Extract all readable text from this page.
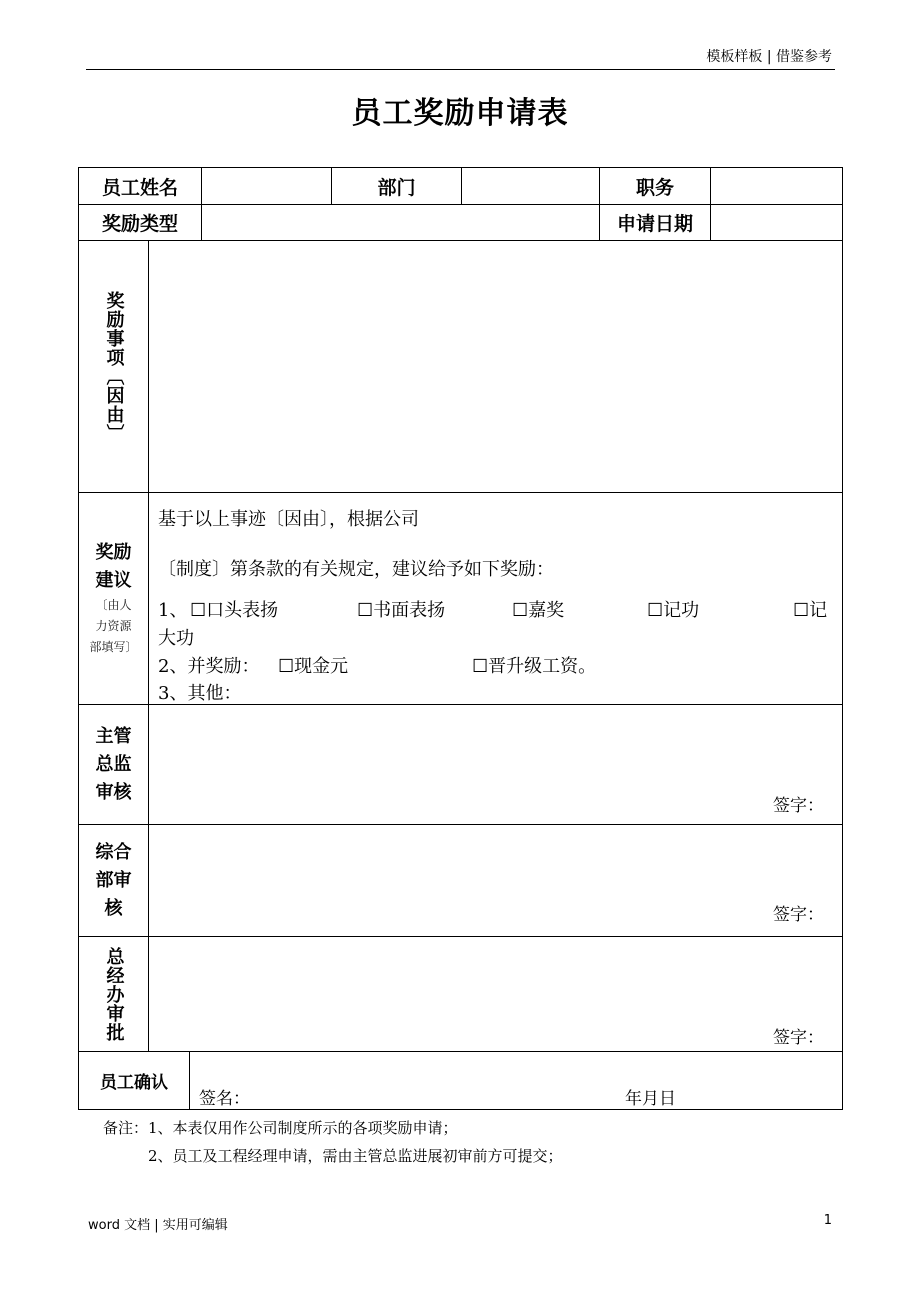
模板样板 | 借鉴参考
员工奖励申请表
员工姓名	部门	职务
奖励类型	申请日期
奖励事项〔因由〕
奖励
建议
〔由人
力资源
部填写〕
基于以上事迹〔因由〕，根据公司
〔制度〕第条款的有关规定，建议给予如下奖励：
1、 ☐口头表扬	☐书面表扬	☐嘉奖	☐记功	☐记
大功
2、并奖励： ☐现金元	☐晋升级工资。
3、其他：
主管
总监
审核
签字：
综合
部审
核	签字：
总经办审批	签字：
员工确认
签名：	年月日
备注：1、本表仅用作公司制度所示的各项奖励申请；
2、员工及工程经理申请，需由主管总监进展初审前方可提交；
word 文档 | 实用可编辑	1
